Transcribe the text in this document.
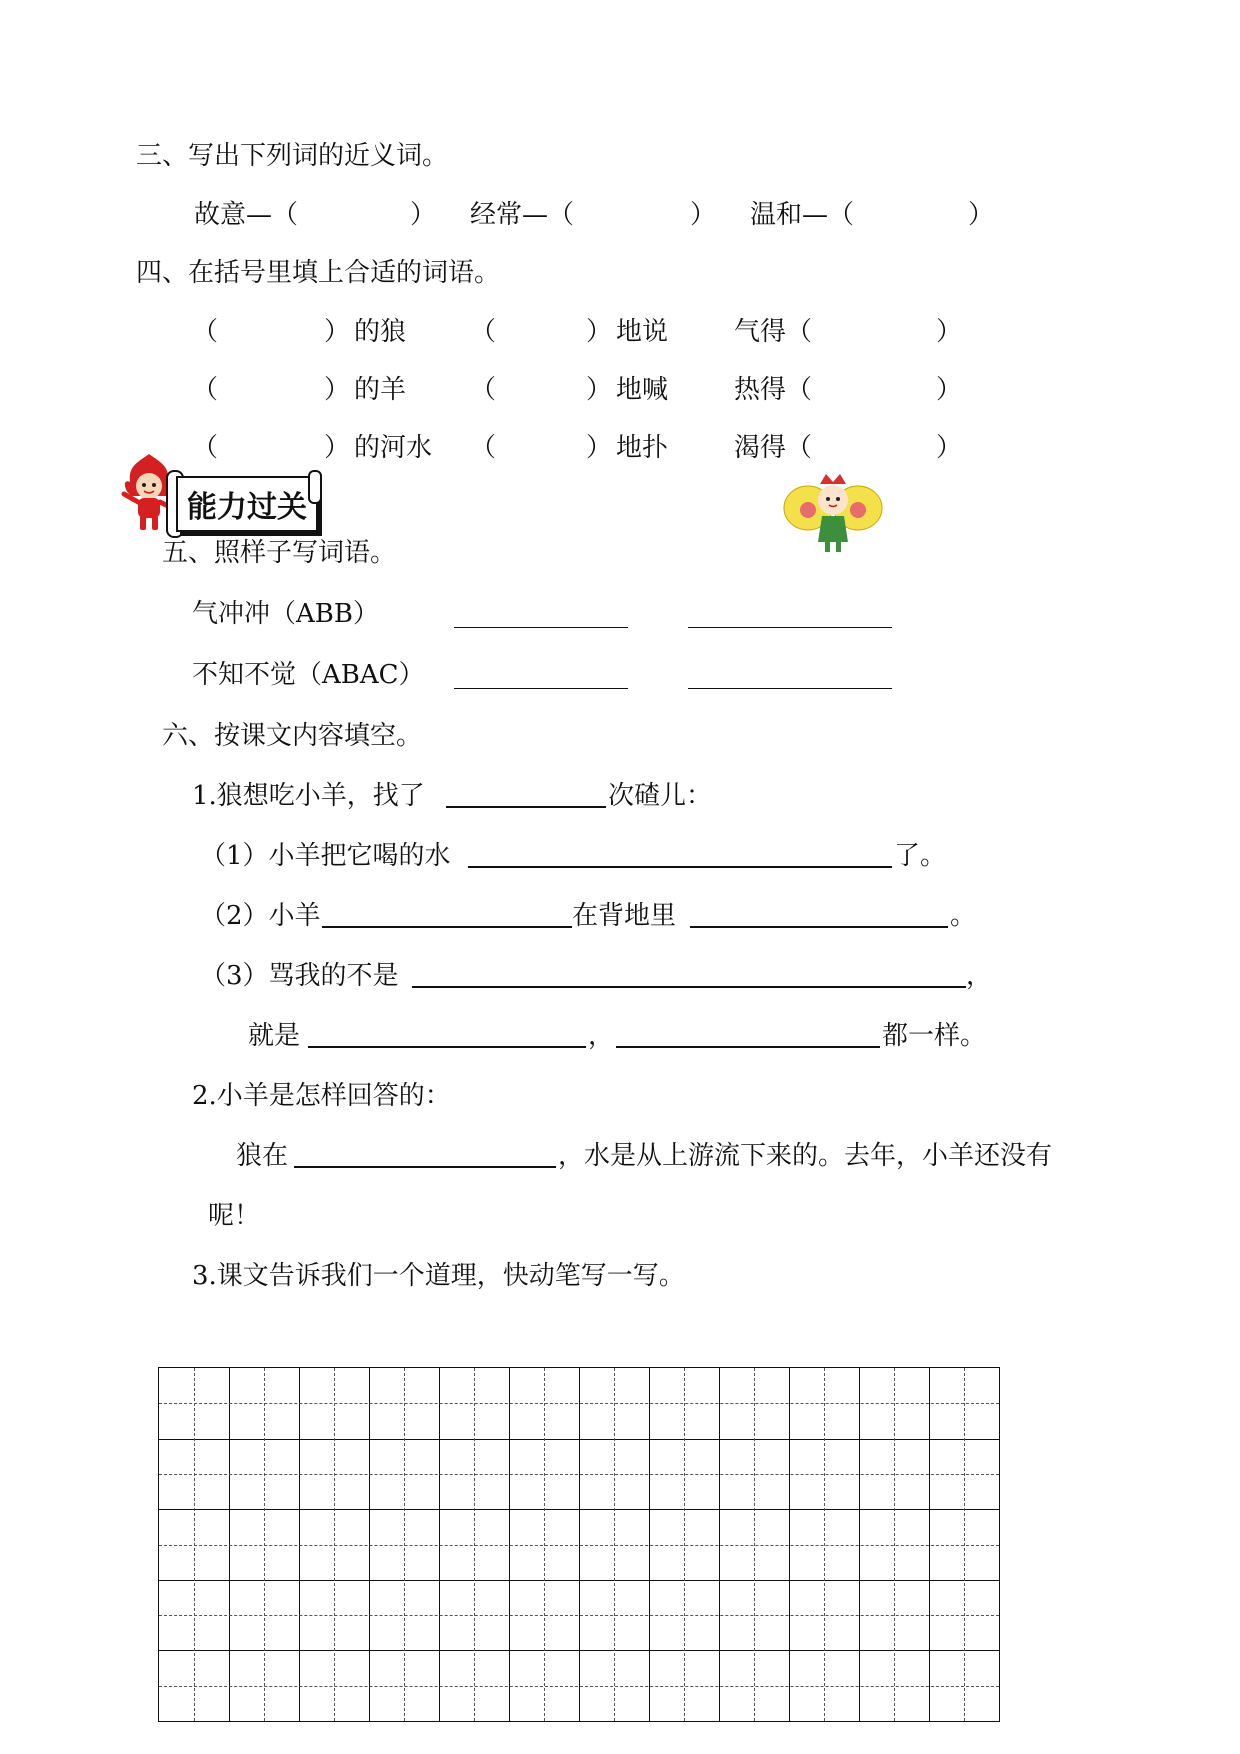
三、写出下列词的近义词。
故意—（	） 经常—（	） 温和—（	）
四、在括号里填上合适的词语。
（	） 的狼 （	） 地说	气得（	）
（	） 的羊 （	） 地喊	热得（	）
（	） 的河水 （	） 地扑	渴得（	）
能力过关
五、照样子写词语。
气冲冲（ABB）
不知不觉（ABAC）
六、按课文内容填空。
1.狼想吃小羊，找了	次碴儿：
（1）小羊把它喝的水	了。
（2）小羊	在背地里	。
（3）骂我的不是	，
就是	，	都一样。
2.小羊是怎样回答的：
狼在	，水是从上游流下来的。去年，小羊还没有
呢！
3.课文告诉我们一个道理，快动笔写一写。
